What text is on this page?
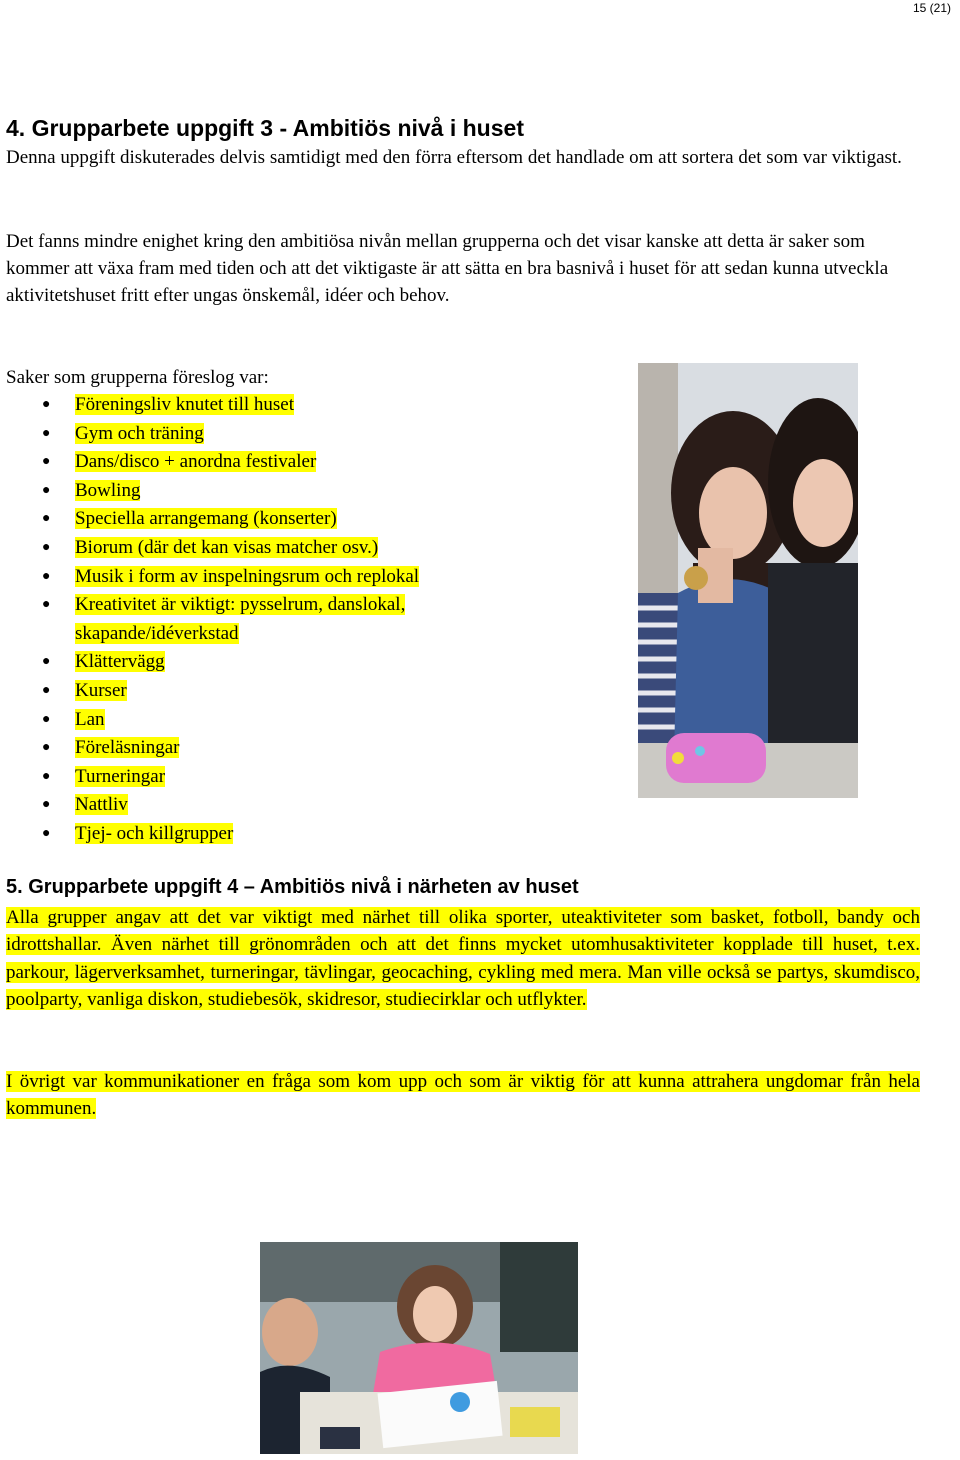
15 (21)
4. Grupparbete uppgift 3 - Ambitiös nivå i huset

Denna uppgift diskuterades delvis samtidigt med den förra eftersom det handlade om att sortera det som var viktigast.

Det fanns mindre enighet kring den ambitiösa nivån mellan grupperna och det visar kanske att detta är saker som kommer att växa fram med tiden och att det viktigaste är att sätta en bra basnivå i huset för att sedan kunna utveckla aktivitetshuset fritt efter ungas önskemål, idéer och behov.

Saker som grupperna föreslog var:

● Föreningsliv knutet till huset
● Gym och träning
● Dans/disco + anordna festivaler
● Bowling
● Speciella arrangemang (konserter)
● Biorum (där det kan visas matcher osv.)
● Musik i form av inspelningsrum och replokal
● Kreativitet är viktigt: pysselrum, danslokal,
skapande/idéverkstad
● Klättervägg
● Kurser
● Lan
● Föreläsningar
● Turneringar
● Nattliv
● Tjej- och killgrupper
5. Grupparbete uppgift 4 – Ambitiös nivå i närheten av huset

Alla grupper angav att det var viktigt med närhet till olika sporter, uteaktiviteter som basket, fotboll, bandy och idrottshallar. Även närhet till grönområden och att det finns mycket utomhusaktiviteter kopplade till huset, t.ex. parkour, lägerverksamhet, turneringar, tävlingar, geocaching, cykling med mera. Man ville också se partys, skumdisco, poolparty, vanliga diskon, studiebesök, skidresor, studiecirklar och utflykter.

I övrigt var kommunikationer en fråga som kom upp och som är viktig för att kunna attrahera ungdomar från hela kommunen.
